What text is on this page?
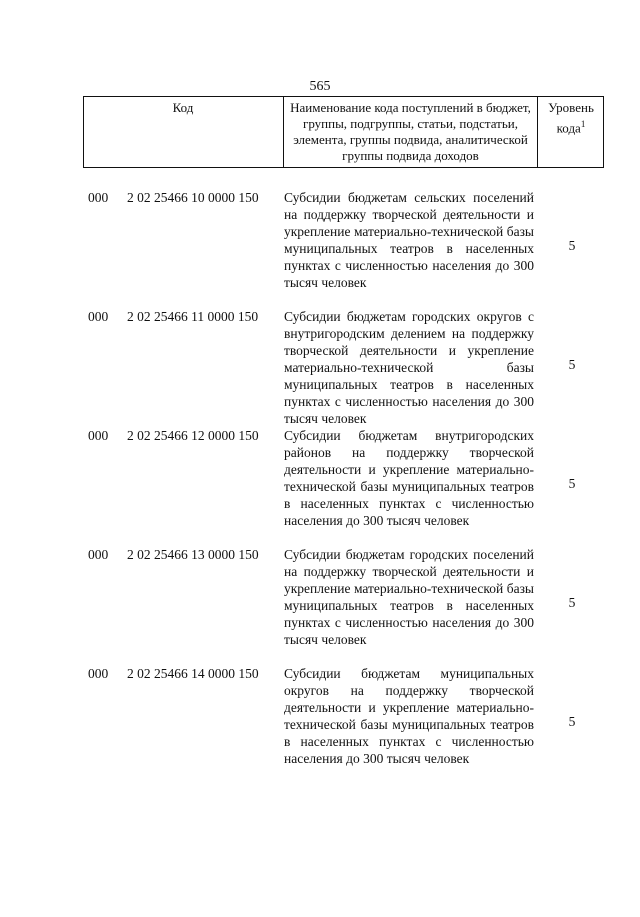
565
Код	Наименование кода поступлений в бюджет, группы, подгруппы, статьи, подстатьи, элемента, группы подвида, аналитической группы подвида доходов
Уровень кода$^1$
000 2 02 25466 10 0000 150 Субсидии бюджетам сельских поселений на поддержку творческой деятельности и укрепление материально-технической базы муниципальных театров в населенных пунктах с численностью населения до 300 тысяч человек
5
000 2 02 25466 11 0000 150 Субсидии бюджетам городских округов с внутригородским делением на поддержку творческой деятельности и укрепление материально-технической базы муниципальных театров в населенных пунктах с численностью населения до 300 тысяч человек
5
000 2 02 25466 12 0000 150 Субсидии бюджетам внутригородских районов на поддержку творческой деятельности и укрепление материально-технической базы муниципальных театров в населенных пунктах с численностью населения до 300 тысяч человек
5
000 2 02 25466 13 0000 150 Субсидии бюджетам городских поселений на поддержку творческой деятельности и укрепление материально-технической базы муниципальных театров в населенных пунктах с численностью населения до 300 тысяч человек
5
000 2 02 25466 14 0000 150 Субсидии бюджетам муниципальных округов на поддержку творческой деятельности и укрепление материально-технической базы муниципальных театров в населенных пунктах с численностью населения до 300 тысяч человек
5
